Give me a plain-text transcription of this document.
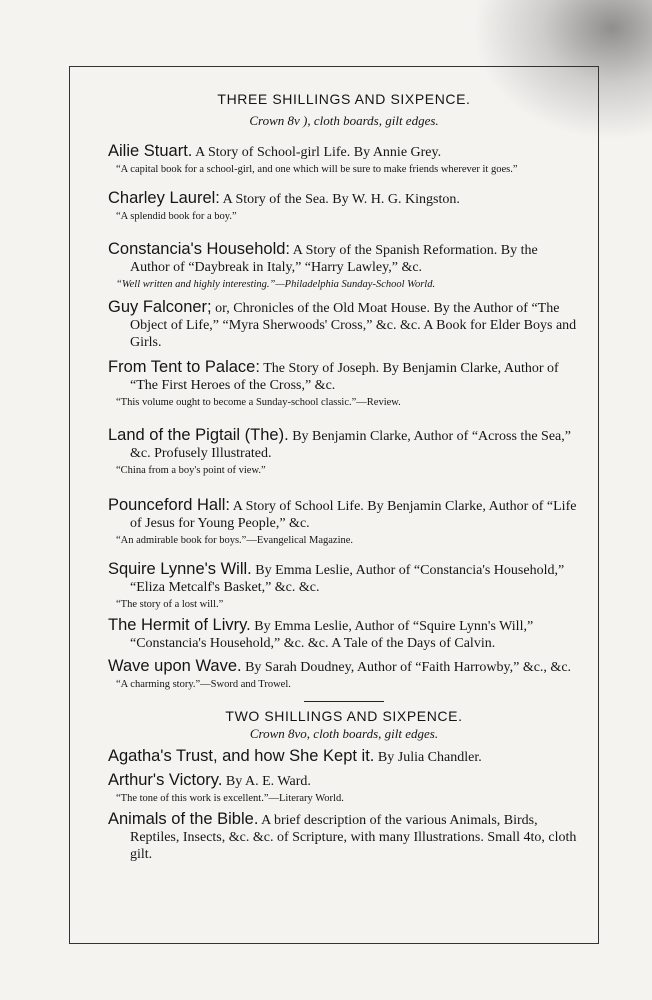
THREE SHILLINGS AND SIXPENCE.
Crown 8v ), cloth boards, gilt edges.

Ailie Stuart. A Story of School-girl Life. By Annie Grey.

“A capital book for a school-girl, and one which will be sure to make friends wherever it goes.”

Charley Laurel: A Story of the Sea. By W. H. G. Kingston.

“A splendid book for a boy.”

Constancia's Household: A Story of the Spanish Reformation. By the Author of “Daybreak in Italy,” “Harry Lawley,” &c.

“Well written and highly interesting.”—Philadelphia Sunday-School World.

Guy Falconer; or, Chronicles of the Old Moat House. By the Author of “The Object of Life,” “Myra Sherwoods' Cross,” &c. &c. A Book for Elder Boys and Girls.

From Tent to Palace: The Story of Joseph. By Benjamin Clarke, Author of “The First Heroes of the Cross,” &c.

“This volume ought to become a Sunday-school classic.”—Review.

Land of the Pigtail (The). By Benjamin Clarke, Author of “Across the Sea,” &c. Profusely Illustrated.

“China from a boy's point of view.”

Pounceford Hall: A Story of School Life. By Benjamin Clarke, Author of “Life of Jesus for Young People,” &c.

“An admirable book for boys.”—Evangelical Magazine.

Squire Lynne's Will. By Emma Leslie, Author of “Constancia's Household,” “Eliza Metcalf's Basket,” &c. &c.

“The story of a lost will.”

The Hermit of Livry. By Emma Leslie, Author of “Squire Lynn's Will,” “Constancia's Household,” &c. &c. A Tale of the Days of Calvin.

Wave upon Wave. By Sarah Doudney, Author of “Faith Harrowby,” &c., &c.

“A charming story.”—Sword and Trowel.

TWO SHILLINGS AND SIXPENCE.
Crown 8vo, cloth boards, gilt edges.

Agatha's Trust, and how She Kept it. By Julia Chandler.

Arthur's Victory. By A. E. Ward.

“The tone of this work is excellent.”—Literary World.

Animals of the Bible. A brief description of the various Animals, Birds, Reptiles, Insects, &c. &c. of Scripture, with many Illustrations. Small 4to, cloth gilt.
